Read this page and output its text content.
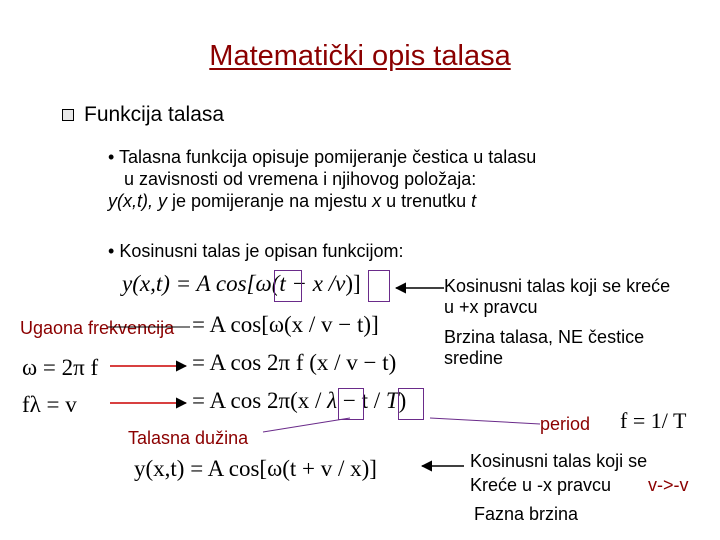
Matematički opis talasa
Funkcija talasa
• Talasna funkcija opisuje pomijeranje čestica u talasu
u zavisnosti od vremena i njihovog položaja:
y(x,t), y je pomijeranje na mjestu x u trenutku t
• Kosinusni talas je opisan funkcijom:
y(x,t) = A cos[ω(t − x /v)]
Ugaona frekvencija = A cos[ω(x / v − t)]
ω = 2π f	= A cos 2π f (x / v − t)
fλ = v	= A cos 2π(x / λ − t / T)
Talasna dužina
Kosinusni talas koji se kreće
u +x pravcu
Brzina talasa, NE čestice
sredine
period f = 1/ T
y(x,t) = A cos[ω(t + v / x)]	Kosinusni talas koji se
Kreće u -x pravcu v->-v
Fazna brzina
